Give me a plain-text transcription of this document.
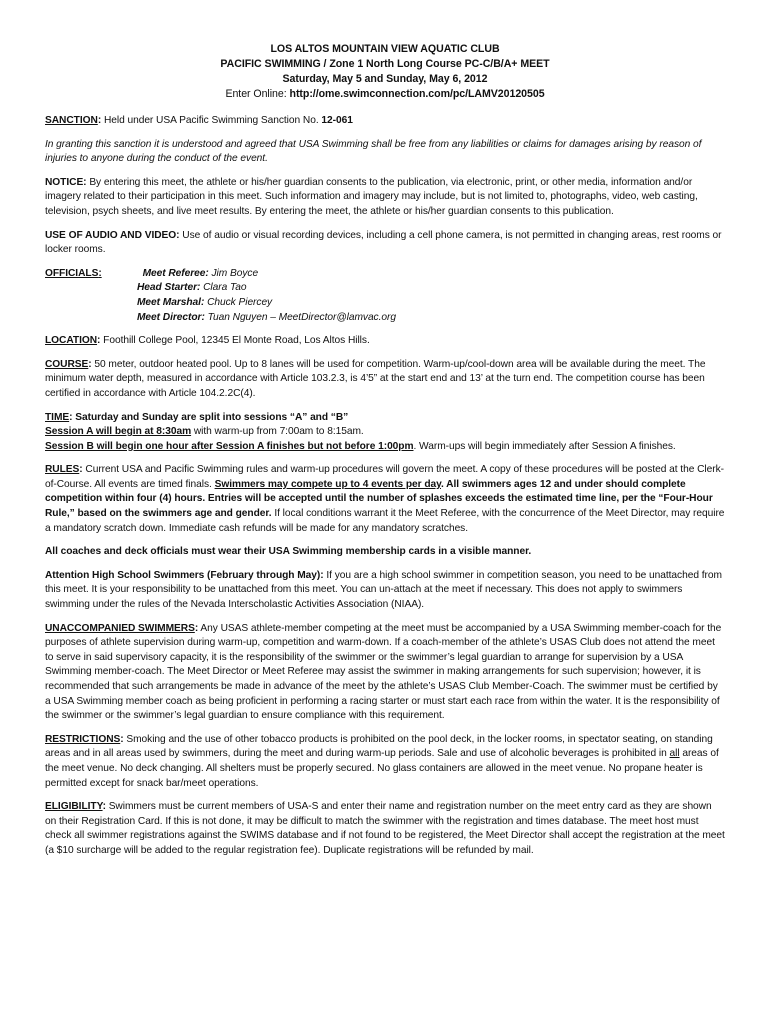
LOS ALTOS MOUNTAIN VIEW AQUATIC CLUB
PACIFIC SWIMMING / Zone 1 North Long Course PC-C/B/A+ MEET
Saturday, May 5 and Sunday, May 6, 2012
Enter Online: http://ome.swimconnection.com/pc/LAMV20120505

SANCTION: Held under USA Pacific Swimming Sanction No. 12-061

In granting this sanction it is understood and agreed that USA Swimming shall be free from any liabilities or claims for damages arising by reason of injuries to anyone during the conduct of the event.

NOTICE: By entering this meet, the athlete or his/her guardian consents to the publication, via electronic, print, or other media, information and/or imagery related to their participation in this meet. Such information and imagery may include, but is not limited to, photographs, video, web casting, television, psych sheets, and live meet results. By entering the meet, the athlete or his/her guardian consents to this publication.

USE OF AUDIO AND VIDEO: Use of audio or visual recording devices, including a cell phone camera, is not permitted in changing areas, rest rooms or locker rooms.

OFFICIALS:	Meet Referee: Jim Boyce
Head Starter: Clara Tao
Meet Marshal: Chuck Piercey
Meet Director: Tuan Nguyen – MeetDirector@lamvac.org

LOCATION: Foothill College Pool, 12345 El Monte Road, Los Altos Hills.

COURSE: 50 meter, outdoor heated pool. Up to 8 lanes will be used for competition. Warm-up/cool-down area will be available during the meet. The minimum water depth, measured in accordance with Article 103.2.3, is 4’5” at the start end and 13’ at the turn end. The competition course has been certified in accordance with Article 104.2.2C(4).

TIME: Saturday and Sunday are split into sessions “A” and “B”
Session A will begin at 8:30am with warm-up from 7:00am to 8:15am.
Session B will begin one hour after Session A finishes but not before 1:00pm. Warm-ups will begin immediately after Session A finishes.

RULES: Current USA and Pacific Swimming rules and warm-up procedures will govern the meet. A copy of these procedures will be posted at the Clerk-of-Course. All events are timed finals. Swimmers may compete up to 4 events per day. All swimmers ages 12 and under should complete competition within four (4) hours. Entries will be accepted until the number of splashes exceeds the estimated time line, per the “Four-Hour Rule,” based on the swimmers age and gender. If local conditions warrant it the Meet Referee, with the concurrence of the Meet Director, may require a mandatory scratch down. Immediate cash refunds will be made for any mandatory scratches.

All coaches and deck officials must wear their USA Swimming membership cards in a visible manner.

Attention High School Swimmers (February through May): If you are a high school swimmer in competition season, you need to be unattached from this meet. It is your responsibility to be unattached from this meet. You can un-attach at the meet if necessary. This does not apply to swimmers swimming under the rules of the Nevada Interscholastic Activities Association (NIAA).

UNACCOMPANIED SWIMMERS: Any USAS athlete-member competing at the meet must be accompanied by a USA Swimming member-coach for the purposes of athlete supervision during warm-up, competition and warm-down. If a coach-member of the athlete’s USAS Club does not attend the meet to serve in said supervisory capacity, it is the responsibility of the swimmer or the swimmer’s legal guardian to arrange for supervision by a USA Swimming member-coach. The Meet Director or Meet Referee may assist the swimmer in making arrangements for such supervision; however, it is recommended that such arrangements be made in advance of the meet by the athlete’s USAS Club Member-Coach. The swimmer must be certified by a USA Swimming member coach as being proficient in performing a racing starter or must start each race from within the water. It is the responsibility of the swimmer or the swimmer’s legal guardian to ensure compliance with this requirement.

RESTRICTIONS: Smoking and the use of other tobacco products is prohibited on the pool deck, in the locker rooms, in spectator seating, on standing areas and in all areas used by swimmers, during the meet and during warm-up periods. Sale and use of alcoholic beverages is prohibited in all areas of the meet venue. No deck changing. All shelters must be properly secured. No glass containers are allowed in the meet venue. No propane heater is permitted except for snack bar/meet operations.

ELIGIBILITY: Swimmers must be current members of USA-S and enter their name and registration number on the meet entry card as they are shown on their Registration Card. If this is not done, it may be difficult to match the swimmer with the registration and times database. The meet host must check all swimmer registrations against the SWIMS database and if not found to be registered, the Meet Director shall accept the registration at the meet (a $10 surcharge will be added to the regular registration fee). Duplicate registrations will be refunded by mail.
